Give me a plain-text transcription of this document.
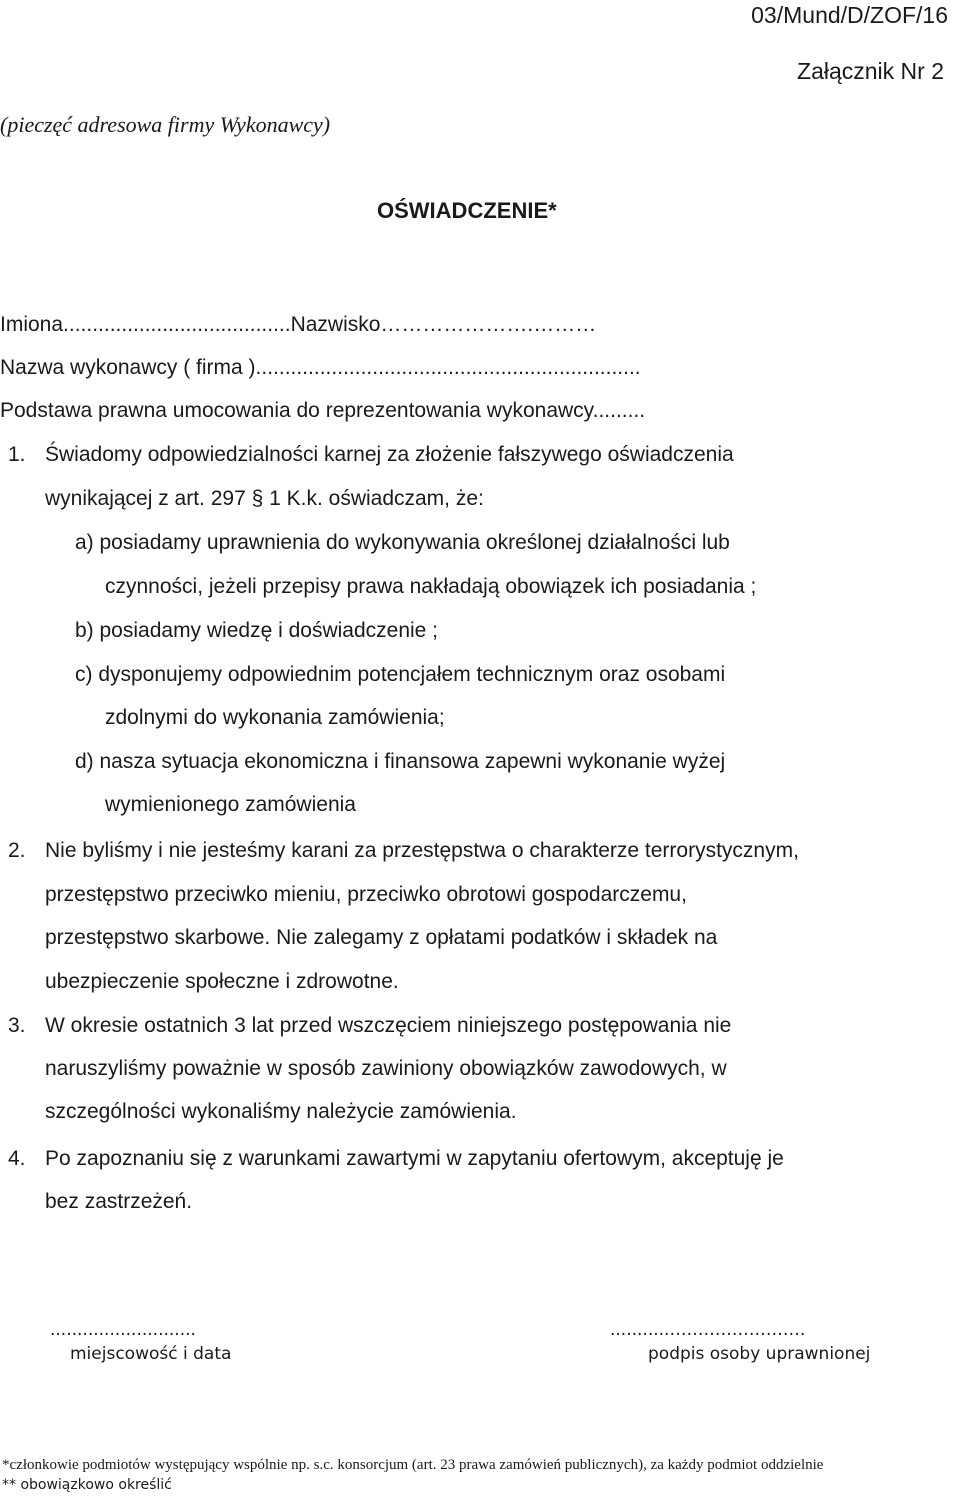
03/Mund/D/ZOF/16
Załącznik Nr 2
(pieczęć adresowa firmy Wykonawcy)
OŚWIADCZENIE*
Imiona.......................................Nazwisko………………….………
Nazwa wykonawcy ( firma )..................................................................
Podstawa prawna umocowania do reprezentowania wykonawcy.........
1. Świadomy odpowiedzialności karnej za złożenie fałszywego oświadczenia
wynikającej z art. 297 § 1 K.k. oświadczam, że:
a) posiadamy uprawnienia do wykonywania określonej działalności lub
czynności, jeżeli przepisy prawa nakładają obowiązek ich posiadania ;
b) posiadamy wiedzę i doświadczenie ;
c) dysponujemy odpowiednim potencjałem technicznym oraz osobami
zdolnymi do wykonania zamówienia;
d) nasza sytuacja ekonomiczna i finansowa zapewni wykonanie wyżej
wymienionego zamówienia
2. Nie byliśmy i nie jesteśmy karani za przestępstwa o charakterze terrorystycznym,
przestępstwo przeciwko mieniu, przeciwko obrotowi gospodarczemu,
przestępstwo skarbowe. Nie zalegamy z opłatami podatków i składek na
ubezpieczenie społeczne i zdrowotne.
3. W okresie ostatnich 3 lat przed wszczęciem niniejszego postępowania nie
naruszyliśmy poważnie w sposób zawiniony obowiązków zawodowych, w
szczególności wykonaliśmy należycie zamówienia.
4. Po zapoznaniu się z warunkami zawartymi w zapytaniu ofertowym, akceptuję je
bez zastrzeżeń.
...........................
miejscowość i data
...........……………………
podpis osoby uprawnionej
*członkowie podmiotów występujący wspólnie np. s.c. konsorcjum (art. 23 prawa zamówień publicznych), za każdy podmiot oddzielnie
** obowiązkowo określić
